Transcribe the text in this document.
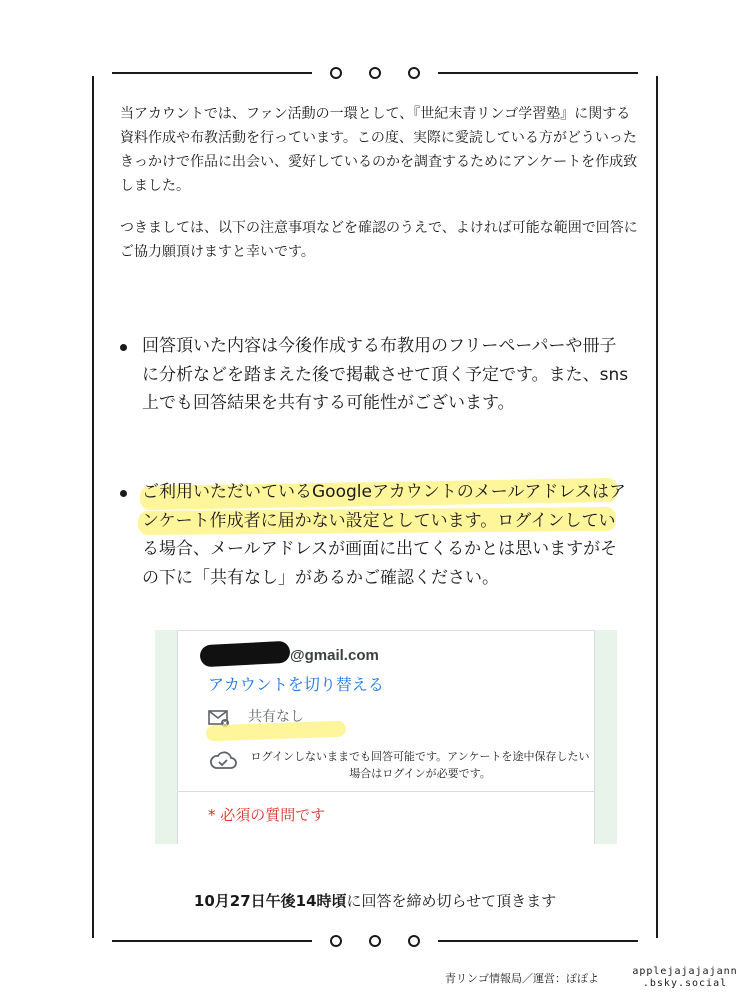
当アカウントでは、ファン活動の一環として、『世紀末青リンゴ学習塾』に関する資料作成や布教活動を行っています。この度、実際に愛読している方がどういったきっかけで作品に出会い、愛好しているのかを調査するためにアンケートを作成致しました。

つきましては、以下の注意事項などを確認のうえで、よければ可能な範囲で回答にご協力願頂けますと幸いです。

回答頂いた内容は今後作成する布教用のフリーペーパーや冊子に分析などを踏まえた後で掲載させて頂く予定です。また、sns上でも回答結果を共有する可能性がございます。

ご利用いただいているGoogleアカウントのメールアドレスはアンケート作成者に届かない設定としています。ログインしている場合、メールアドレスが画面に出てくるかとは思いますがその下に「共有なし」があるかご確認ください。

@gmail.com
アカウントを切り替える
共有なし
ログインしないままでも回答可能です。アンケートを途中保存したい場合はログインが必要です。
* 必須の質問です
10月27日午後14時頃に回答を締め切らせて頂きます
青リンゴ情報局／運営：ぽぽよ
applejajajajann
.bsky.social
